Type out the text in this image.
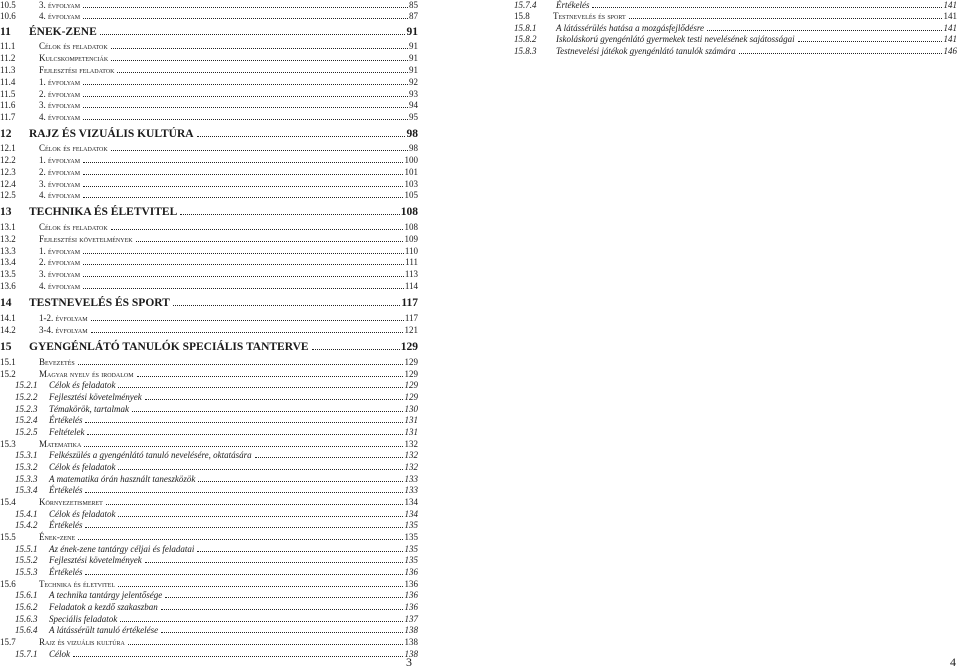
10.5	3. évfolyam	85
10.6	4. évfolyam	87
11 ÉNEK-ZENE	91
11.1	Célok és feladatok	91
11.2	Kulcskompetenciák	91
11.3	Fejlesztési feladatok	91
11.4	1. évfolyam	92
11.5	2. évfolyam	93
11.6	3. évfolyam	94
11.7	4. évfolyam	95
12 RAJZ ÉS VIZUÁLIS KULTÚRA	98
12.1	Célok és feladatok	98
12.2	1. évfolyam	100
12.3	2. évfolyam	101
12.4	3. évfolyam	103
12.5	4. évfolyam	105
13 TECHNIKA ÉS ÉLETVITEL	108
13.1	Célok és feladatok	108
13.2	Fejlesztési követelmények	109
13.3	1. évfolyam	110
13.4	2. évfolyam	111
13.5	3. évfolyam	113
13.6	4. évfolyam	114
14 TESTNEVELÉS ÉS SPORT	117
14.1	1-2. évfolyam	117
14.2	3-4. évfolyam	121
15 GYENGÉNLÁTÓ TANULÓK SPECIÁLIS TANTERVE	129
15.1	Bevezetés	129
15.2	Magyar nyelv és irodalom	129
15.2.1 Célok és feladatok	129
15.2.2 Fejlesztési követelmények	129
15.2.3 Témakörök, tartalmak	130
15.2.4 Értékelés	131
15.2.5 Feltételek	131
15.3	Matematika	132
15.3.1 Felkészülés a gyengénlátó tanuló nevelésére, oktatására	132
15.3.2 Célok és feladatok	132
15.3.3 A matematika órán használt taneszközök	133
15.3.4 Értékelés	133
15.4	Környezetismeret	134
15.4.1 Célok és feladatok	134
15.4.2 Értékelés	135
15.5	Ének-zene	135
15.5.1 Az ének-zene tantárgy céljai és feladatai	135
15.5.2 Fejlesztési követelmények	135
15.5.3 Értékelés	136
15.6	Technika és életvitel	136
15.6.1 A technika tantárgy jelentősége	136
15.6.2 Feladatok a kezdő szakaszban	136
15.6.3 Speciális feladatok	137
15.6.4 A látássérült tanuló értékelése	138
15.7	Rajz és vizuális kultúra	138
15.7.1 Célok	138
15.7.4 Értékelés	141
15.8	Testnevelés és sport	141
15.8.1 A látássérülés hatása a mozgásfejlődésre	141
15.8.2 Iskoláskorú gyengénlátó gyermekek testi nevelésének sajátosságai	141
15.8.3 Testnevelési játékok gyengénlátó tanulók számára	146
3	4
